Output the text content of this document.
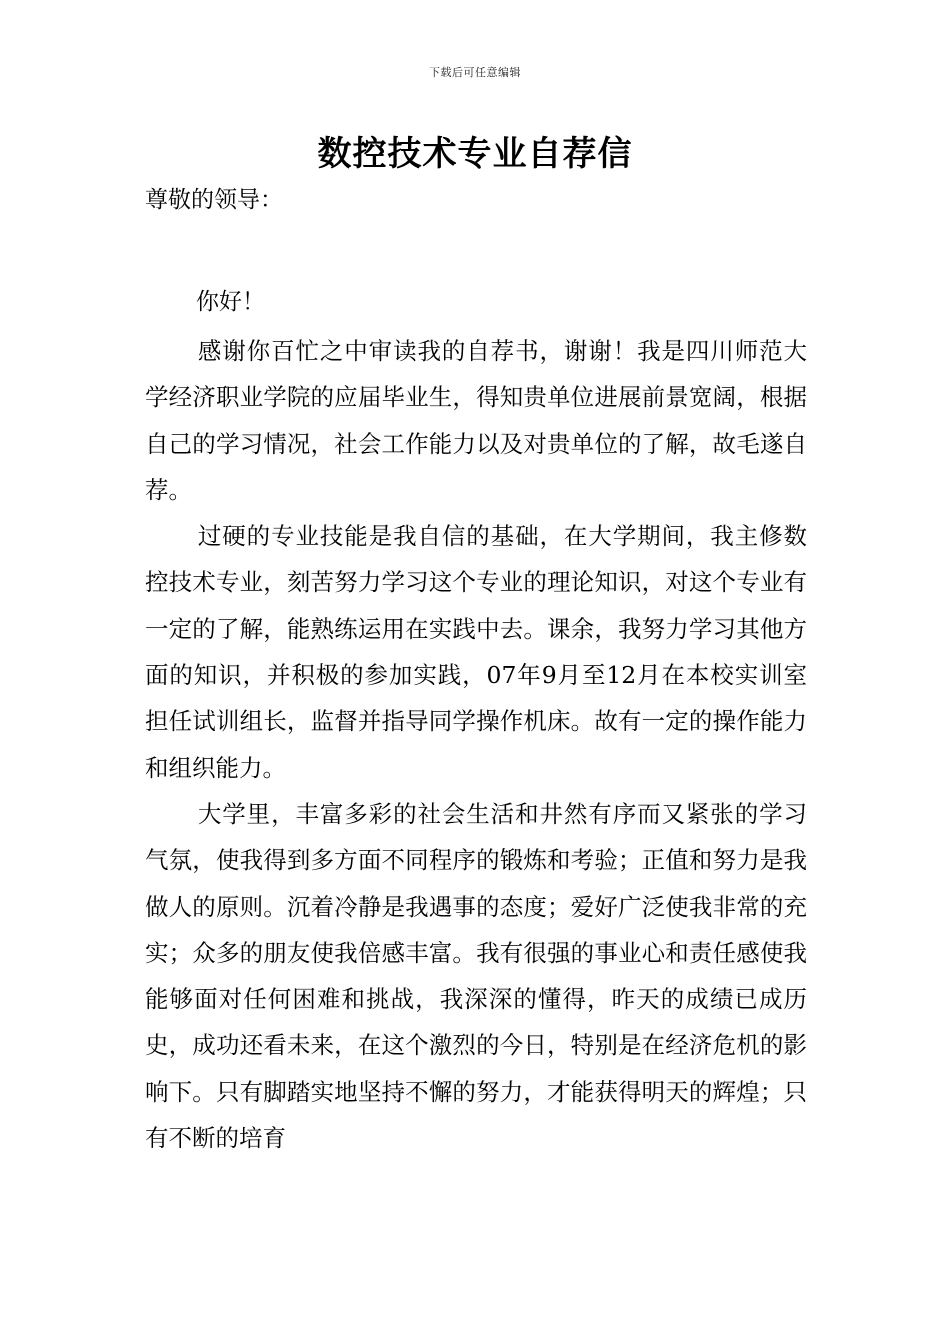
下载后可任意编辑
数控技术专业自荐信

尊敬的领导：

你好！

感谢你百忙之中审读我的自荐书，谢谢！我是四川师范大学经济职业学院的应届毕业生，得知贵单位进展前景宽阔，根据自己的学习情况，社会工作能力以及对贵单位的了解，故毛遂自荐。

过硬的专业技能是我自信的基础，在大学期间，我主修数控技术专业，刻苦努力学习这个专业的理论知识，对这个专业有一定的了解，能熟练运用在实践中去。课余，我努力学习其他方面的知识，并积极的参加实践，07年9月至12月在本校实训室担任试训组长，监督并指导同学操作机床。故有一定的操作能力和组织能力。

大学里，丰富多彩的社会生活和井然有序而又紧张的学习气氛，使我得到多方面不同程序的锻炼和考验；正值和努力是我做人的原则。沉着冷静是我遇事的态度；爱好广泛使我非常的充实；众多的朋友使我倍感丰富。我有很强的事业心和责任感使我能够面对任何困难和挑战，我深深的懂得，昨天的成绩已成历史，成功还看未来，在这个激烈的今日，特别是在经济危机的影响下。只有脚踏实地坚持不懈的努力，才能获得明天的辉煌；只有不断的培育
